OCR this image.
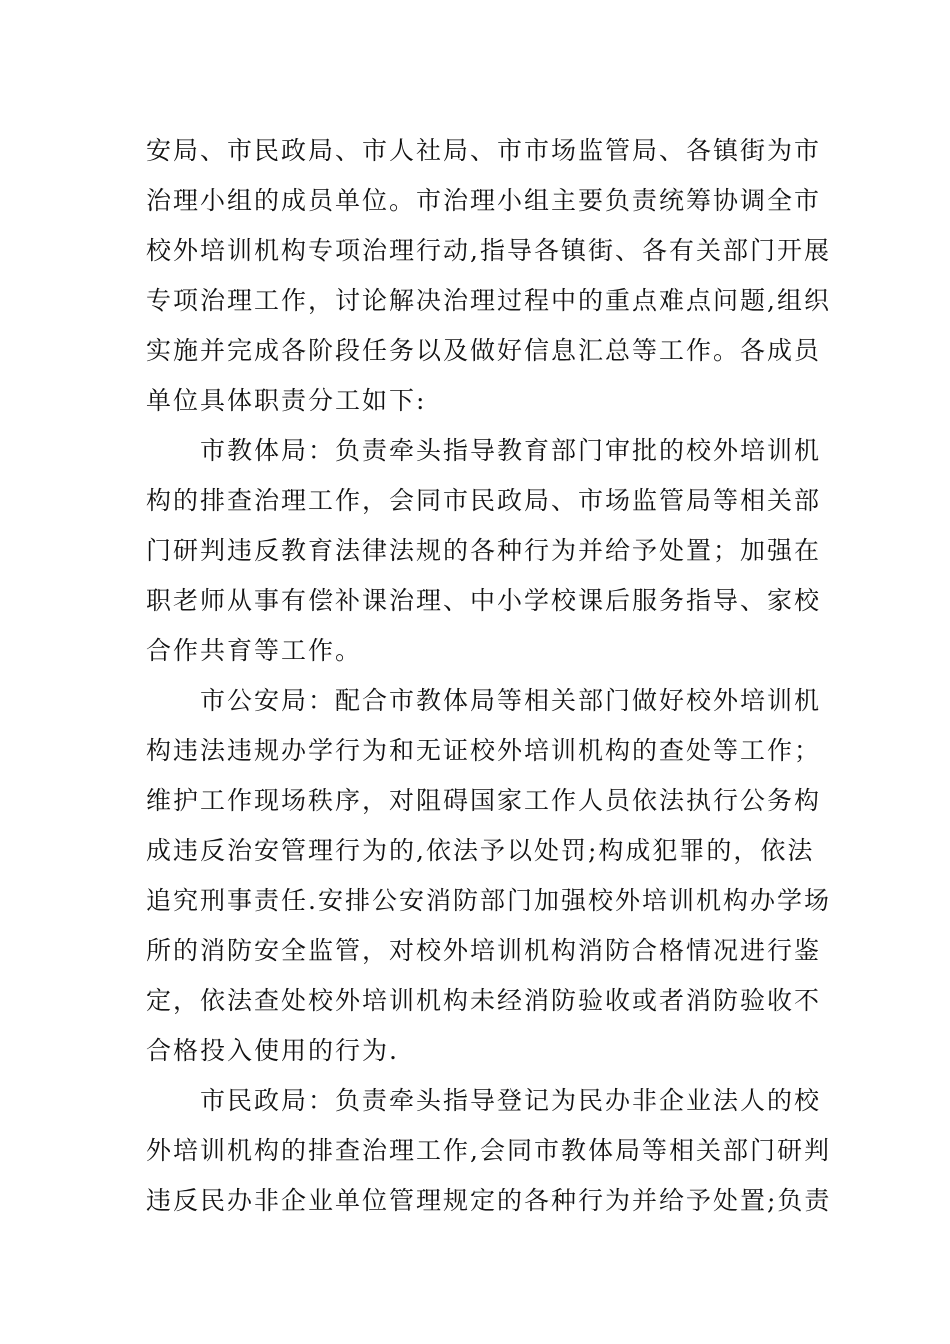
安局、市民政局、市人社局、市市场监管局、各镇街为市
治理小组的成员单位。市治理小组主要负责统筹协调全市
校外培训机构专项治理行动,指导各镇街、各有关部门开展
专项治理工作，讨论解决治理过程中的重点难点问题,组织
实施并完成各阶段任务以及做好信息汇总等工作。各成员
单位具体职责分工如下:
市教体局：负责牵头指导教育部门审批的校外培训机
构的排查治理工作，会同市民政局、市场监管局等相关部
门研判违反教育法律法规的各种行为并给予处置；加强在
职老师从事有偿补课治理、中小学校课后服务指导、家校
合作共育等工作。
市公安局：配合市教体局等相关部门做好校外培训机
构违法违规办学行为和无证校外培训机构的查处等工作；
维护工作现场秩序，对阻碍国家工作人员依法执行公务构
成违反治安管理行为的,依法予以处罚;构成犯罪的，依法
追究刑事责任.安排公安消防部门加强校外培训机构办学场
所的消防安全监管，对校外培训机构消防合格情况进行鉴
定，依法查处校外培训机构未经消防验收或者消防验收不
合格投入使用的行为.
市民政局：负责牵头指导登记为民办非企业法人的校
外培训机构的排查治理工作,会同市教体局等相关部门研判
违反民办非企业单位管理规定的各种行为并给予处置;负责
